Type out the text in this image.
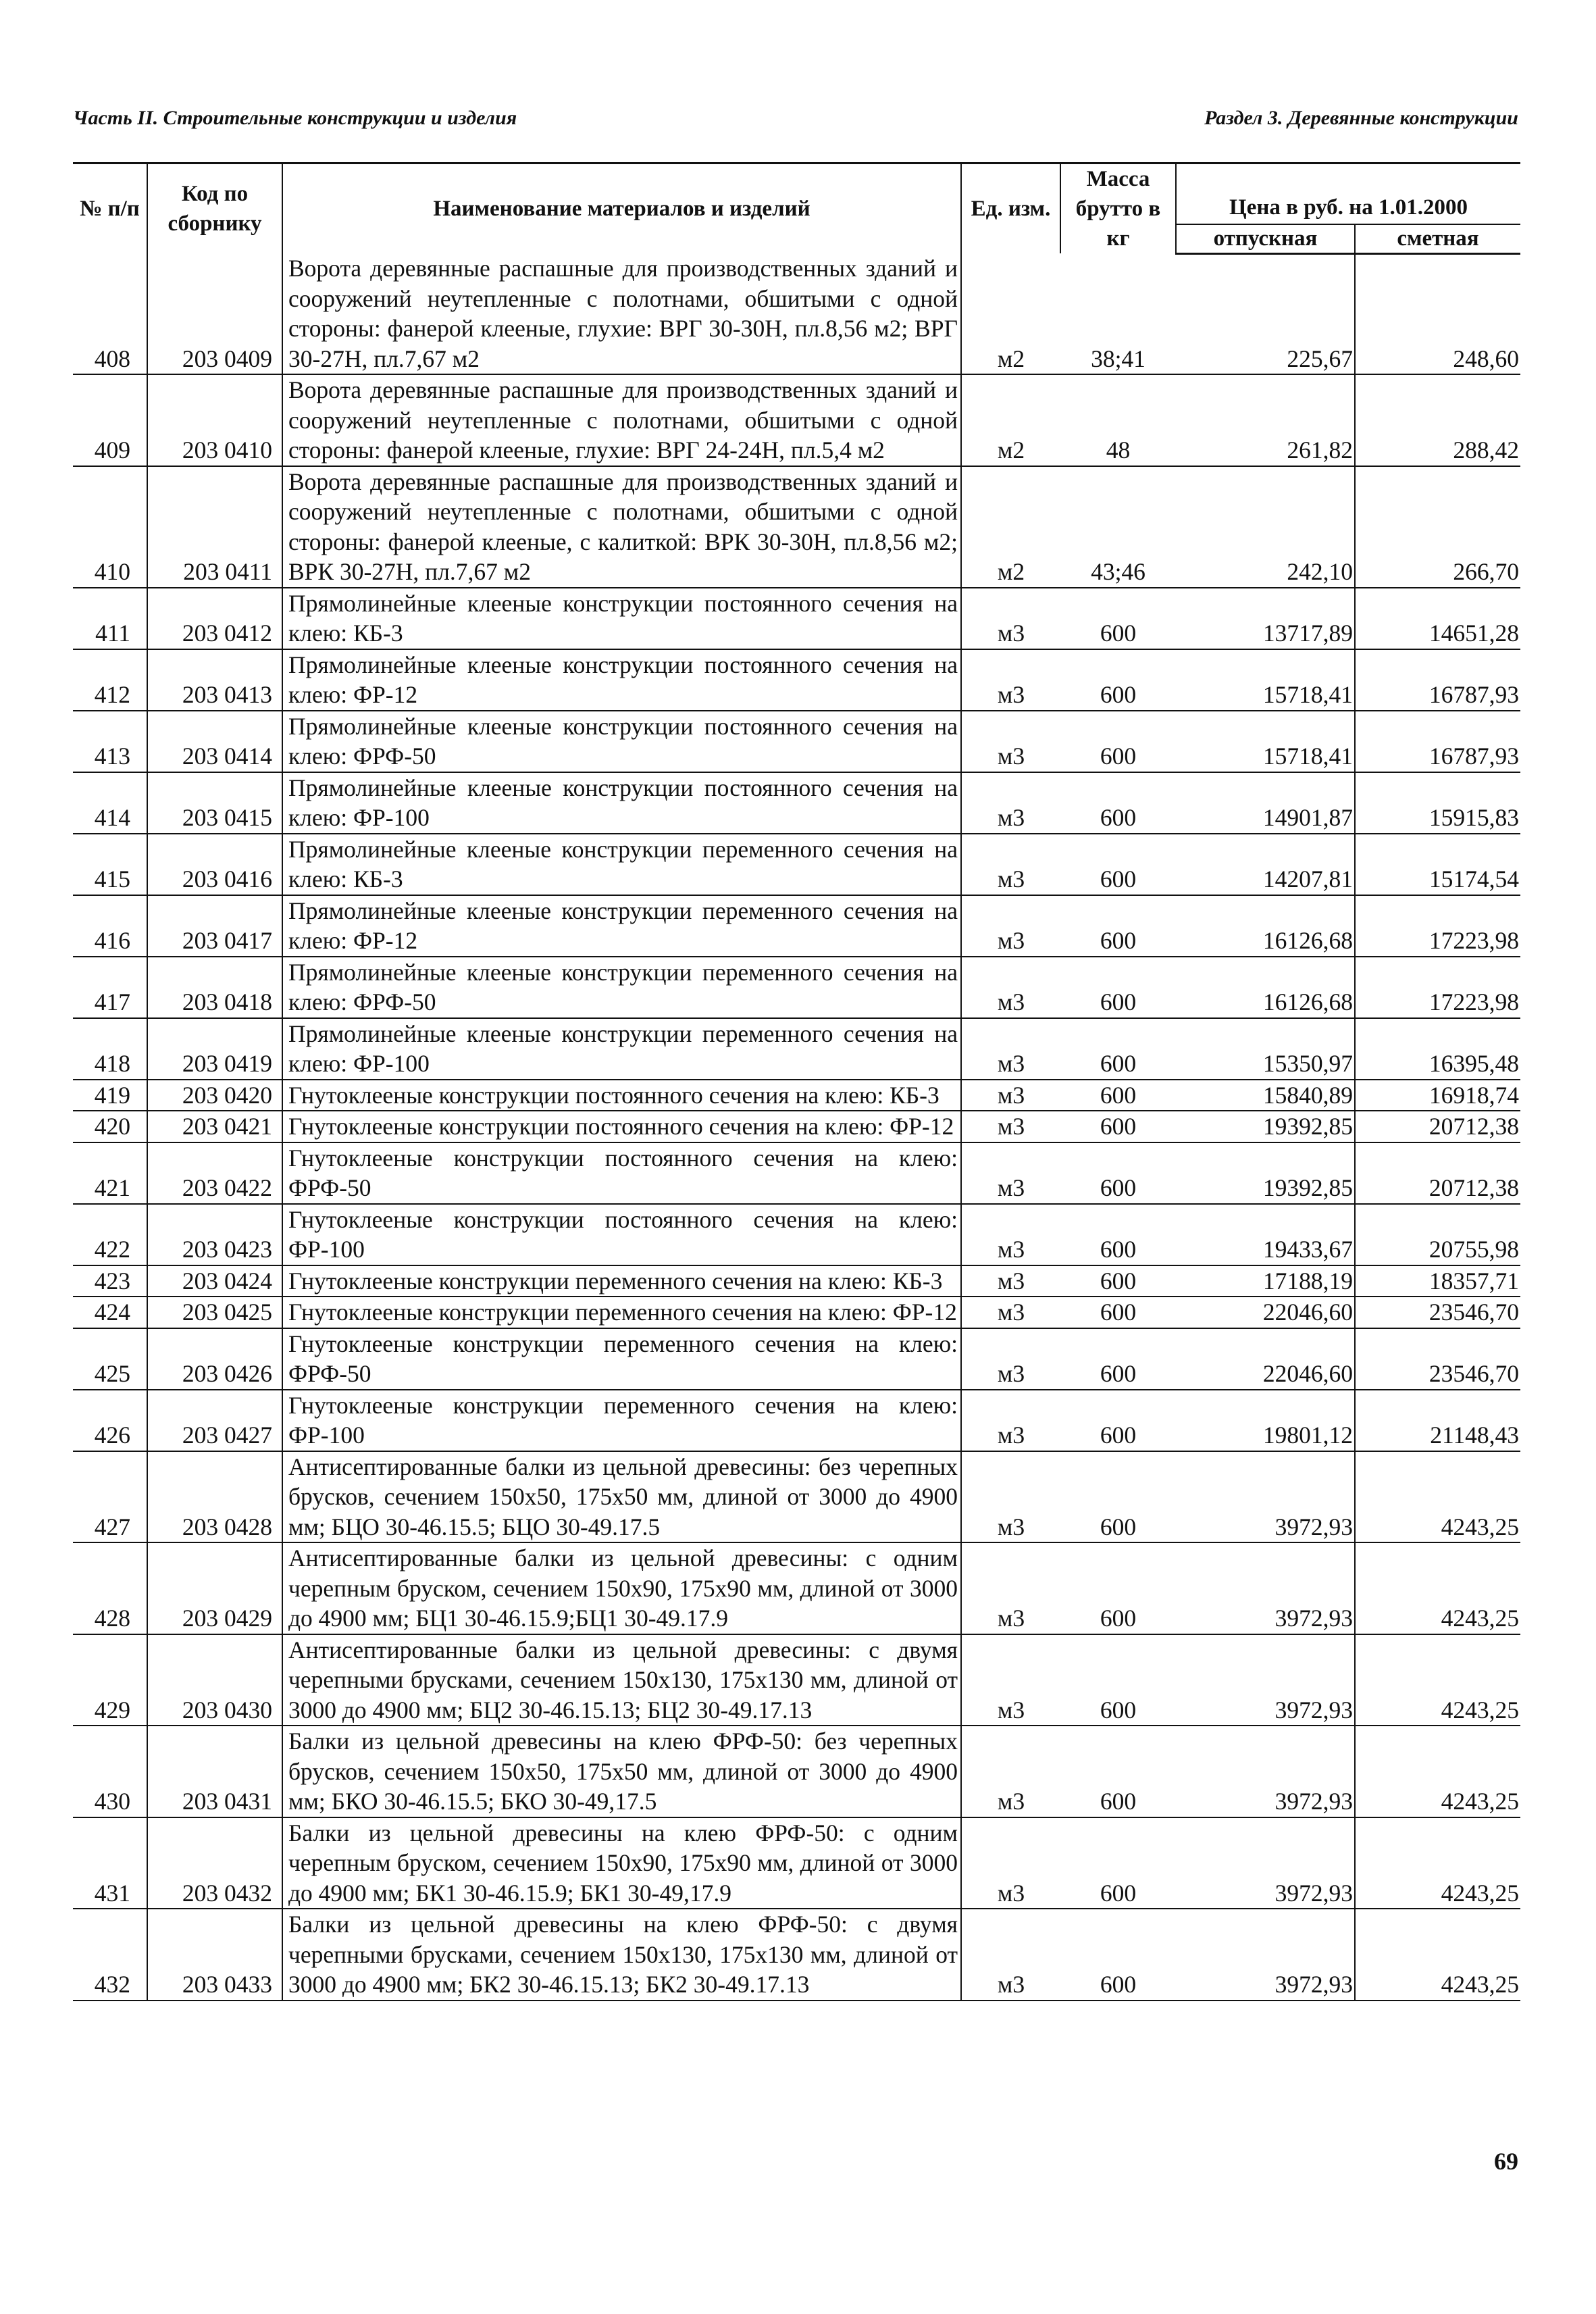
Часть II. Строительные конструкции и изделия	Раздел 3. Деревянные конструкции
№ п/п	Код по сборнику	Наименование материалов и изделий	Ед. изм.	Масса брутто в кг	Цена в руб. на 1.01.2000	
					отпускная	сметная
408	203 0409	Ворота деревянные распашные для производственных зданий и сооружений неутепленные с полотнами, обшитыми с одной стороны: фанерой клееные, глухие: ВРГ 30-30Н, пл.8,56 м2; ВРГ 30-27Н, пл.7,67 м2	м2	38;41	225,67	248,60
409	203 0410	Ворота деревянные распашные для производственных зданий и сооружений неутепленные с полотнами, обшитыми с одной стороны: фанерой клееные, глухие: ВРГ 24-24Н, пл.5,4 м2	м2	48	261,82	288,42
410	203 0411	Ворота деревянные распашные для производственных зданий и сооружений неутепленные с полотнами, обшитыми с одной стороны: фанерой клееные, с калиткой: ВРК 30-30Н, пл.8,56 м2; ВРК 30-27Н, пл.7,67 м2	м2	43;46	242,10	266,70
411	203 0412	Прямолинейные клееные конструкции постоянного сечения на клею: КБ-3	м3	600	13717,89	14651,28
412	203 0413	Прямолинейные клееные конструкции постоянного сечения на клею: ФР-12	м3	600	15718,41	16787,93
413	203 0414	Прямолинейные клееные конструкции постоянного сечения на клею: ФРФ-50	м3	600	15718,41	16787,93
414	203 0415	Прямолинейные клееные конструкции постоянного сечения на клею: ФР-100	м3	600	14901,87	15915,83
415	203 0416	Прямолинейные клееные конструкции переменного сечения на клею: КБ-3	м3	600	14207,81	15174,54
416	203 0417	Прямолинейные клееные конструкции переменного сечения на клею: ФР-12	м3	600	16126,68	17223,98
417	203 0418	Прямолинейные клееные конструкции переменного сечения на клею: ФРФ-50	м3	600	16126,68	17223,98
418	203 0419	Прямолинейные клееные конструкции переменного сечения на клею: ФР-100	м3	600	15350,97	16395,48
419	203 0420	Гнутоклееные конструкции постоянного сечения на клею: КБ-3	м3	600	15840,89	16918,74
420	203 0421	Гнутоклееные конструкции постоянного сечения на клею: ФР-12	м3	600	19392,85	20712,38
421	203 0422	Гнутоклееные конструкции постоянного сечения на клею: ФРФ-50	м3	600	19392,85	20712,38
422	203 0423	Гнутоклееные конструкции постоянного сечения на клею: ФР-100	м3	600	19433,67	20755,98
423	203 0424	Гнутоклееные конструкции переменного сечения на клею: КБ-3	м3	600	17188,19	18357,71
424	203 0425	Гнутоклееные конструкции переменного сечения на клею: ФР-12	м3	600	22046,60	23546,70
425	203 0426	Гнутоклееные конструкции переменного сечения на клею: ФРФ-50	м3	600	22046,60	23546,70
426	203 0427	Гнутоклееные конструкции переменного сечения на клею: ФР-100	м3	600	19801,12	21148,43
427	203 0428	Антисептированные балки из цельной древесины: без черепных брусков, сечением 150х50, 175х50 мм, длиной от 3000 до 4900 мм; БЦО 30-46.15.5; БЦО 30-49.17.5	м3	600	3972,93	4243,25
428	203 0429	Антисептированные балки из цельной древесины: с одним черепным бруском, сечением 150х90, 175х90 мм, длиной от 3000 до 4900 мм; БЦ1 30-46.15.9;БЦ1 30-49.17.9	м3	600	3972,93	4243,25
429	203 0430	Антисептированные балки из цельной древесины: с двумя черепными брусками, сечением 150х130, 175х130 мм, длиной от 3000 до 4900 мм; БЦ2 30-46.15.13; БЦ2 30-49.17.13	м3	600	3972,93	4243,25
430	203 0431	Балки из цельной древесины на клею ФРФ-50: без черепных брусков, сечением 150х50, 175х50 мм, длиной от 3000 до 4900 мм; БКО 30-46.15.5; БКО 30-49,17.5	м3	600	3972,93	4243,25
431	203 0432	Балки из цельной древесины на клею ФРФ-50: с одним черепным бруском, сечением 150х90, 175х90 мм, длиной от 3000 до 4900 мм; БК1 30-46.15.9; БК1 30-49,17.9	м3	600	3972,93	4243,25
432	203 0433	Балки из цельной древесины на клею ФРФ-50: с двумя черепными брусками, сечением 150х130, 175х130 мм, длиной от 3000 до 4900 мм; БК2 30-46.15.13; БК2 30-49.17.13	м3	600	3972,93	4243,25
69
